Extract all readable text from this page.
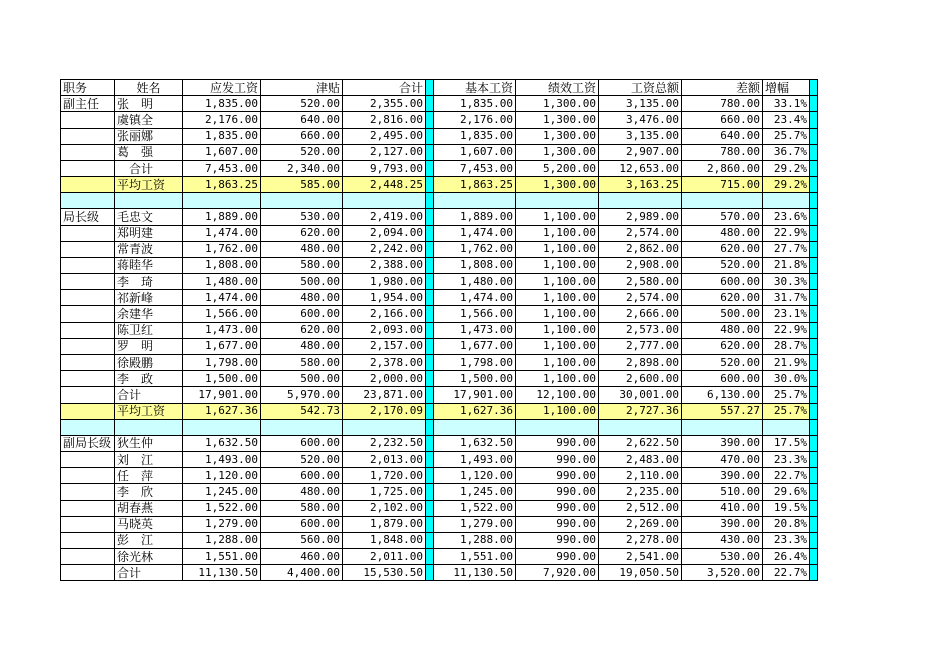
职务	姓名	应发工资	津贴	合计		基本工资	绩效工资	工资总额	差额	增幅	
副主任	张　明	1,835.00	520.00	2,355.00		1,835.00	1,300.00	3,135.00	780.00	33.1%	
	虞镇全	2,176.00	640.00	2,816.00		2,176.00	1,300.00	3,476.00	660.00	23.4%	
	张丽娜	1,835.00	660.00	2,495.00		1,835.00	1,300.00	3,135.00	640.00	25.7%	
	葛　强	1,607.00	520.00	2,127.00		1,607.00	1,300.00	2,907.00	780.00	36.7%	
	　合计	7,453.00	2,340.00	9,793.00		7,453.00	5,200.00	12,653.00	2,860.00	29.2%	
	平均工资	1,863.25	585.00	2,448.25		1,863.25	1,300.00	3,163.25	715.00	29.2%	

局长级	毛忠文	1,889.00	530.00	2,419.00		1,889.00	1,100.00	2,989.00	570.00	23.6%	
	郑明建	1,474.00	620.00	2,094.00		1,474.00	1,100.00	2,574.00	480.00	22.9%	
	常青波	1,762.00	480.00	2,242.00		1,762.00	1,100.00	2,862.00	620.00	27.7%	
	蒋睦华	1,808.00	580.00	2,388.00		1,808.00	1,100.00	2,908.00	520.00	21.8%	
	李　琦	1,480.00	500.00	1,980.00		1,480.00	1,100.00	2,580.00	600.00	30.3%	
	祁新峰	1,474.00	480.00	1,954.00		1,474.00	1,100.00	2,574.00	620.00	31.7%	
	余建华	1,566.00	600.00	2,166.00		1,566.00	1,100.00	2,666.00	500.00	23.1%	
	陈卫红	1,473.00	620.00	2,093.00		1,473.00	1,100.00	2,573.00	480.00	22.9%	
	罗　明	1,677.00	480.00	2,157.00		1,677.00	1,100.00	2,777.00	620.00	28.7%	
	徐殿鹏	1,798.00	580.00	2,378.00		1,798.00	1,100.00	2,898.00	520.00	21.9%	
	李　政	1,500.00	500.00	2,000.00		1,500.00	1,100.00	2,600.00	600.00	30.0%	
	合计	17,901.00	5,970.00	23,871.00		17,901.00	12,100.00	30,001.00	6,130.00	25.7%	
	平均工资	1,627.36	542.73	2,170.09		1,627.36	1,100.00	2,727.36	557.27	25.7%	

副局长级	狄生仲	1,632.50	600.00	2,232.50		1,632.50	990.00	2,622.50	390.00	17.5%	
	刘　江	1,493.00	520.00	2,013.00		1,493.00	990.00	2,483.00	470.00	23.3%	
	任　萍	1,120.00	600.00	1,720.00		1,120.00	990.00	2,110.00	390.00	22.7%	
	李　欣	1,245.00	480.00	1,725.00		1,245.00	990.00	2,235.00	510.00	29.6%	
	胡春燕	1,522.00	580.00	2,102.00		1,522.00	990.00	2,512.00	410.00	19.5%	
	马晓英	1,279.00	600.00	1,879.00		1,279.00	990.00	2,269.00	390.00	20.8%	
	彭　江	1,288.00	560.00	1,848.00		1,288.00	990.00	2,278.00	430.00	23.3%	
	徐光林	1,551.00	460.00	2,011.00		1,551.00	990.00	2,541.00	530.00	26.4%	
	合计	11,130.50	4,400.00	15,530.50		11,130.50	7,920.00	19,050.50	3,520.00	22.7%	
